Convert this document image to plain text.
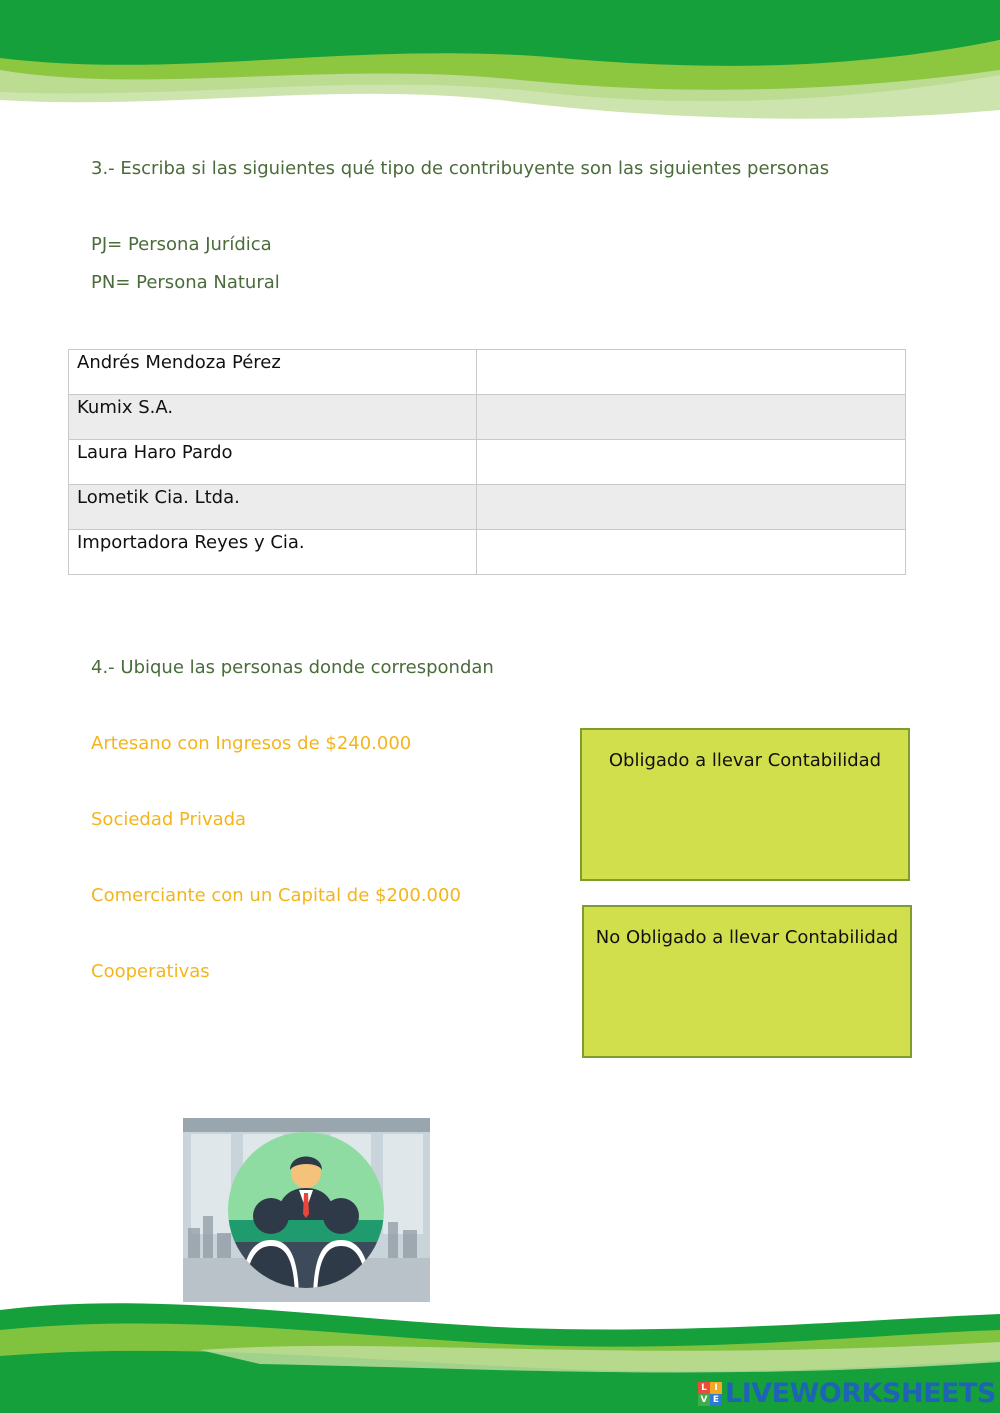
3.- Escriba si las siguientes qué tipo de contribuyente son las siguientes personas

PJ= Persona Jurídica
PN= Persona Natural
Andrés Mendoza Pérez	
Kumix S.A.	
Laura Haro Pardo	
Lometik Cia. Ltda.	
Importadora Reyes y Cia.	

4.- Ubique las personas donde correspondan

Artesano con Ingresos de $240.000
Sociedad Privada
Comerciante con un Capital de $200.000
Cooperativas
Obligado a llevar Contabilidad
No Obligado a llevar Contabilidad
L I
V E LIVEWORKSHEETS
